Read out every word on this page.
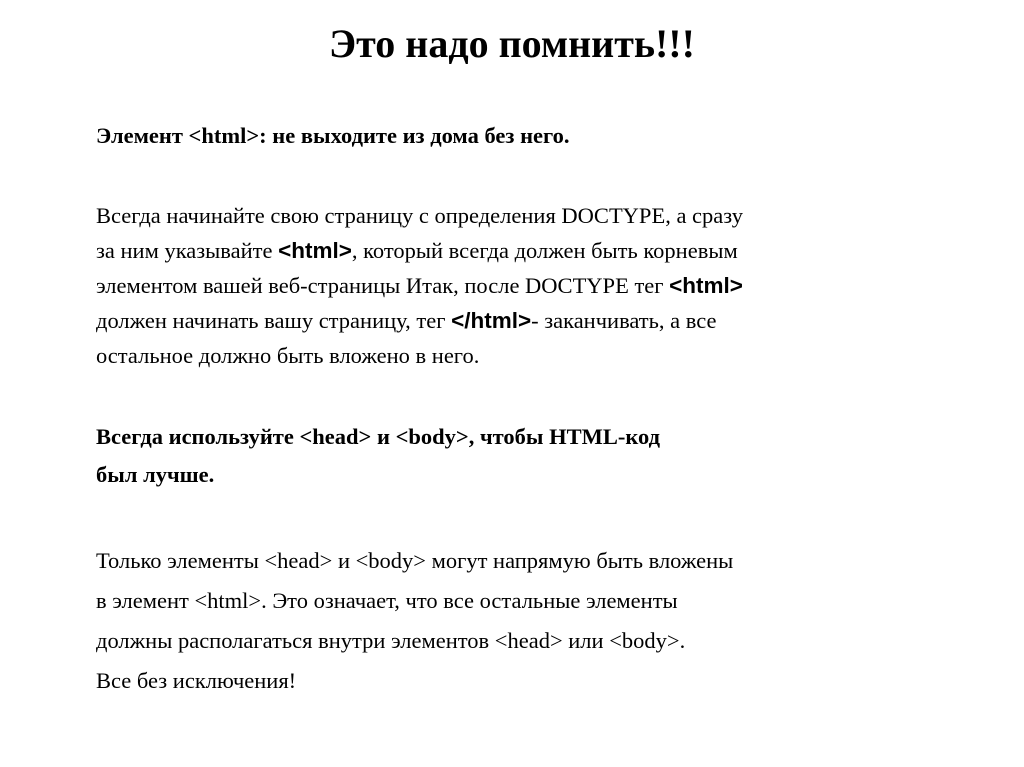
Это надо помнить!!!

Элемент <html>: не выходите из дома без него.

Всегда начинайте свою страницу с определения DOCTYPE, а сразу
за ним указывайте <html>, который всегда должен быть корневым
элементом вашей веб-страницы Итак, после DOCTYPE тег <html>
должен начинать вашу страницу, тег </html>- заканчивать, а все
остальное должно быть вложено в него.

Всегда используйте <head> и <body>, чтобы HTML-код
был лучше.

Только элементы <head> и <body> могут напрямую быть вложены
в элемент <html>. Это означает, что все остальные элементы
должны располагаться внутри элементов <head> или <body>.
Все без исключения!
